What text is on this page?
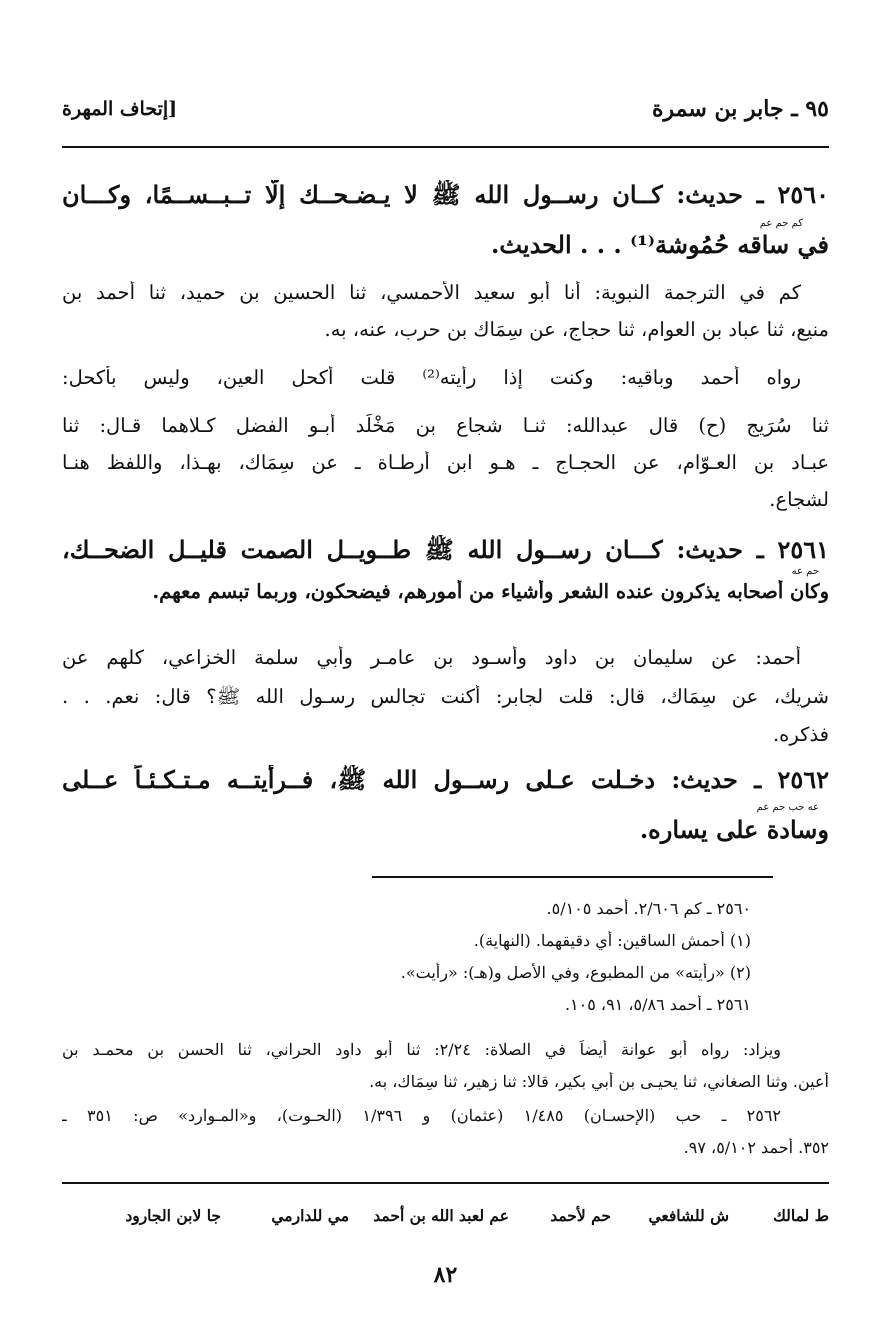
٩٥ ـ جابر بن سمرة
[إتحاف المهرة
٢٥٦٠ ـ حديث: كــان رســول الله ﷺ لا يـضـحــك إلّا تــبــســمًا، وكـــان
كم حم عم
في ساقه حُمُوشة⁽¹⁾ . . . الحديث.
كم في الترجمة النبوية: أنا أبو سعيد الأحمسي، ثنا الحسين بن حميد، ثنا أحمد بن
منيع، ثنا عباد بن العوام، ثنا حجاج، عن سِمَاك بن حرب، عنه، به.
رواه أحمد وباقيه: وكنت إذا رأيته⁽²⁾ قلت أكحل العين، وليس بأكحل:
ثنا سُرَيج (ح) قال عبدالله: ثنـا شجاع بن مَخْلَد أبـو الفضل كـلاهما قـال: ثنا
عبـاد بن العـوّام، عن الحجـاج ـ هـو ابن أرطـاة ـ عن سِمَاك، بهـذا، واللفظ هنـا
لشجاع.
٢٥٦١ ـ حديث: كـــان رســول الله ﷺ طــويــل الصمت قليــل الضحــك،
حم عه
وكان أصحابه يذكرون عنده الشعر وأشياء من أمورهم، فيضحكون، وربما تبسم معهم.
أحمد: عن سليمان بن داود وأسـود بن عامـر وأبي سلمة الخزاعي، كلهم عن
شريك، عن سِمَاك، قال: قلت لجابر: أكنت تجالس رسـول الله ﷺ؟ قال: نعم. . .
فذكره.
٢٥٦٢ ـ حديث: دخـلت عـلى رســول الله ﷺ، فــرأيتــه مـتـكـئـاً عــلى
عه حب حم عم
وسادة على يساره.
٢٥٦٠ ـ كم ٢/٦٠٦. أحمد ٥/١٠٥.
(١) أحمش الساقين: أي دقيقهما. (النهاية).
(٢) «رأيته» من المطبوع، وفي الأصل و(هـ): «رأيت».
٢٥٦١ ـ أحمد ٥/٨٦، ٩١، ١٠٥.
ويزاد: رواه أبو عوانة أيضاً في الصلاة: ٢/٢٤: ثنا أبو داود الحراني، ثنا الحسن بن محمـد بن
أعين. وثنا الصغاني، ثنا يحيـى بن أبي بكير، قالا: ثنا زهير، ثنا سِمَاك، به.
٢٥٦٢ ـ حب (الإحسـان) ١/٤٨٥ (عثمان) و ١/٣٩٦ (الحـوت)، و«المـوارد» ص: ٣٥١ ـ
٣٥٢. أحمد ٥/١٠٢، ٩٧.
ط لمالك
ش للشافعي
حم لأحمد
عم لعبد الله بن أحمد
مي للدارمي
جا لابن الجارود
٨٢
